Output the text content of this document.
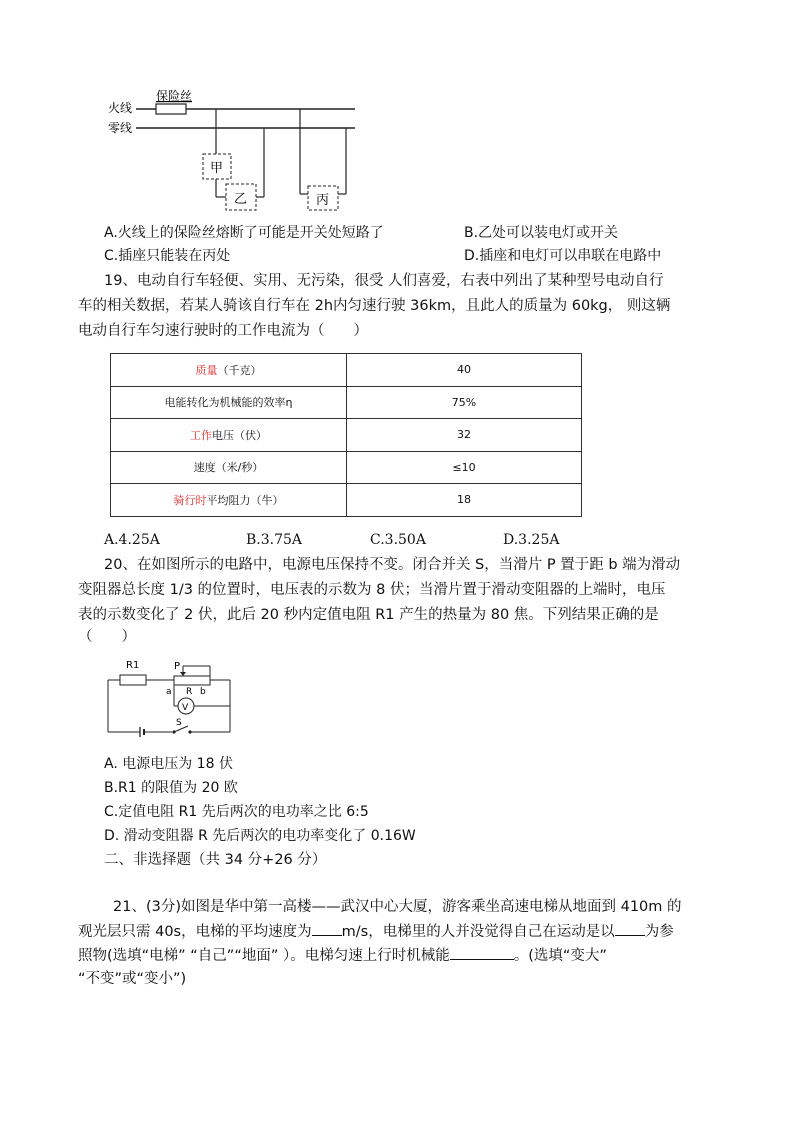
火线
零线
保险丝
甲
乙	丙
A.火线上的保险丝熔断了可能是开关处短路了	B.乙处可以装电灯或开关
C.插座只能装在丙处	D.插座和电灯可以串联在电路中
19、电动自行车轻便、实用、无污染，很受 人们喜爱，右表中列出了某种型号电动自行
车的相关数据，若某人骑该自行车在 2h内匀速行驶 36km，且此人的质量为 60kg， 则这辆
电动自行车匀速行驶时的工作电流为（　　）
质量（千克）	40
电能转化为机械能的效率η	75%
工作电压（伏）	32
速度（米/秒）	≤10
骑行时平均阻力（牛）	18
A.4.25A	B.3.75A	C.3.50A	D.3.25A
20、在如图所示的电路中，电源电压保持不变。闭合并关 S，当滑片 P 置于距 b 端为滑动
变阻器总长度 1/3 的位置时，电压表的示数为 8 伏；当滑片置于滑动变阻器的上端时，电压
表的示数变化了 2 伏，此后 20 秒内定值电阻 R1 产生的热量为 80 焦。下列结果正确的是
（　　）
R1	P
a R b
V
S
A. 电源电压为 18 伏
B.R1 的限值为 20 欧
C.定值电阻 R1 先后两次的电功率之比 6:5
D. 滑动变阻器 R 先后两次的电功率变化了 0.16W
二、非选择题（共 34 分+26 分）
21、(3分)如图是华中第一高楼——武汉中心大厦，游客乘坐高速电梯从地面到 410m 的
观光层只需 40s，电梯的平均速度为 m/s，电梯里的人并没觉得自己在运动是以 为参
照物(选填“电梯” “自己”“地面” ）。电梯匀速上行时机械能	。(选填“变大”
“不变”或“变小”)
